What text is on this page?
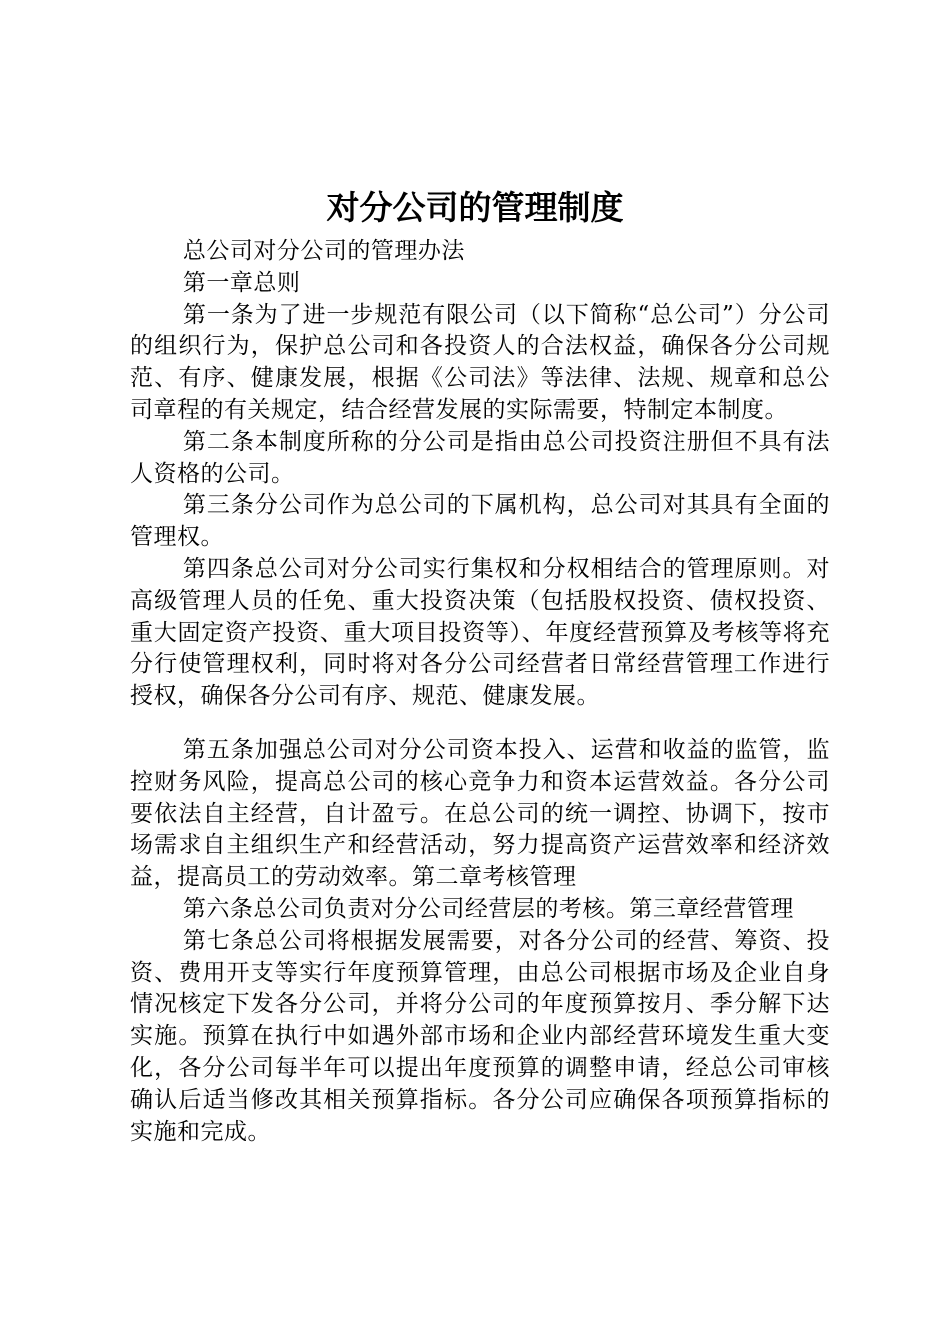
对分公司的管理制度

总公司对分公司的管理办法

第一章总则

第一条为了进一步规范有限公司（以下简称“总公司”）分公司的组织行为，保护总公司和各投资人的合法权益，确保各分公司规范、有序、健康发展，根据《公司法》等法律、法规、规章和总公司章程的有关规定，结合经营发展的实际需要，特制定本制度。

第二条本制度所称的分公司是指由总公司投资注册但不具有法人资格的公司。

第三条分公司作为总公司的下属机构，总公司对其具有全面的管理权。

第四条总公司对分公司实行集权和分权相结合的管理原则。对高级管理人员的任免、重大投资决策（包括股权投资、债权投资、重大固定资产投资、重大项目投资等）、年度经营预算及考核等将充分行使管理权利，同时将对各分公司经营者日常经营管理工作进行授权，确保各分公司有序、规范、健康发展。

第五条加强总公司对分公司资本投入、运营和收益的监管，监控财务风险，提高总公司的核心竞争力和资本运营效益。各分公司要依法自主经营，自计盈亏。在总公司的统一调控、协调下，按市场需求自主组织生产和经营活动，努力提高资产运营效率和经济效益，提高员工的劳动效率。第二章考核管理

第六条总公司负责对分公司经营层的考核。第三章经营管理

第七条总公司将根据发展需要，对各分公司的经营、筹资、投资、费用开支等实行年度预算管理，由总公司根据市场及企业自身情况核定下发各分公司，并将分公司的年度预算按月、季分解下达实施。预算在执行中如遇外部市场和企业内部经营环境发生重大变化，各分公司每半年可以提出年度预算的调整申请，经总公司审核确认后适当修改其相关预算指标。各分公司应确保各项预算指标的实施和完成。
